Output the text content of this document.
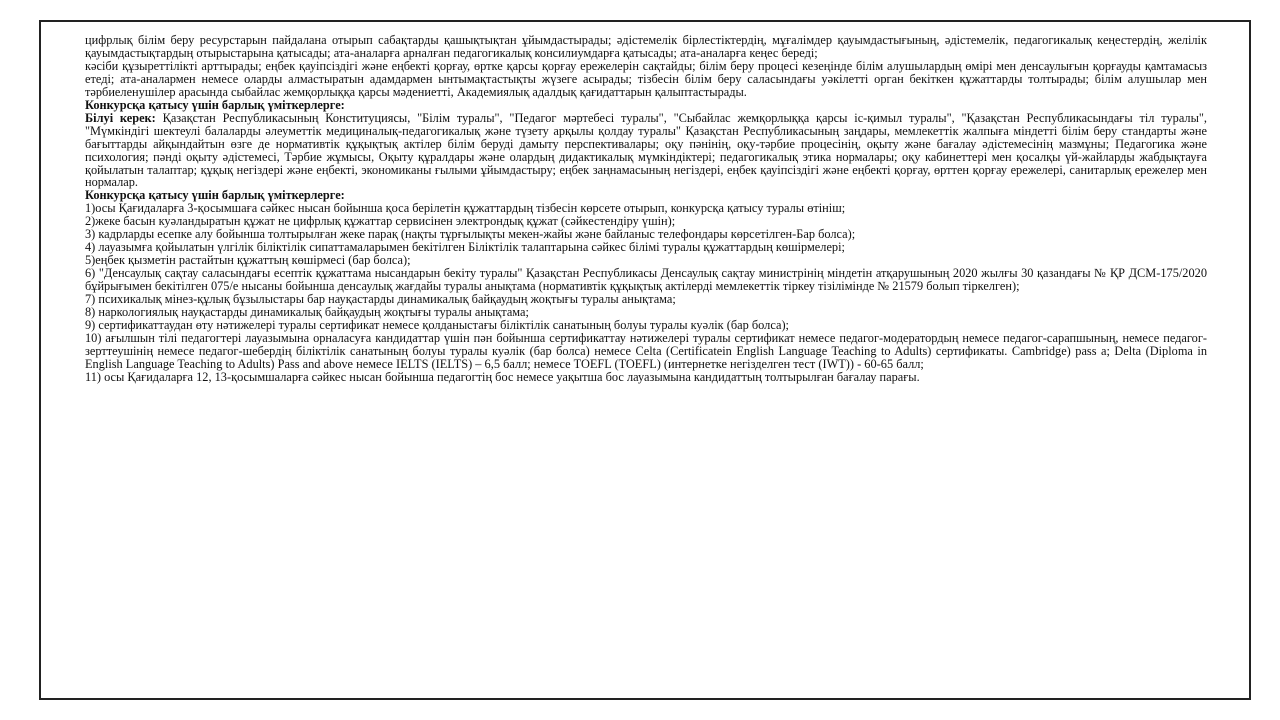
цифрлық білім беру ресурстарын пайдалана отырып сабақтарды қашықтықтан ұйымдастырады; әдістемелік бірлестіктердің, мұғалімдер қауымдастығының, әдістемелік, педагогикалық кеңестердің, желілік қауымдастықтардың отырыстарына қатысады; ата-аналарға арналған педагогикалық консилиумдарға қатысады; ата-аналарға кеңес береді;

кәсіби құзыреттілікті арттырады; еңбек қауіпсіздігі және еңбекті қорғау, өртке қарсы қорғау ережелерін сақтайды; білім беру процесі кезеңінде білім алушылардың өмірі мен денсаулығын қорғауды қамтамасыз етеді; ата-аналармен немесе оларды алмастыратын адамдармен ынтымақтастықты жүзеге асырады; тізбесін білім беру саласындағы уәкілетті орган бекіткен құжаттарды толтырады; білім алушылар мен тәрбиеленушілер арасында сыбайлас жемқорлыққа қарсы мәдениетті, Академиялық адалдық қағидаттарын қалыптастырады.

Конкурсқа қатысу үшін барлық үміткерлерге:

Білуі керек: Қазақстан Республикасының Конституциясы, "Білім туралы", "Педагог мәртебесі туралы", "Сыбайлас жемқорлыққа қарсы іс-қимыл туралы", "Қазақстан Республикасындағы тіл туралы", "Мүмкіндігі шектеулі балаларды әлеуметтік медициналық-педагогикалық және түзету арқылы қолдау туралы" Қазақстан Республикасының заңдары, мемлекеттік жалпыға міндетті білім беру стандарты және бағыттарды айқындайтын өзге де нормативтік құқықтық актілер білім беруді дамыту перспективалары; оқу пәнінің, оқу-тәрбие процесінің, оқыту және бағалау әдістемесінің мазмұны; Педагогика және психология; пәнді оқыту әдістемесі, Тәрбие жұмысы, Оқыту құралдары және олардың дидактикалық мүмкіндіктері; педагогикалық этика нормалары; оқу кабинеттері мен қосалқы үй-жайларды жабдықтауға қойылатын талаптар; құқық негіздері және еңбекті, экономиканы ғылыми ұйымдастыру; еңбек заңнамасының негіздері, еңбек қауіпсіздігі және еңбекті қорғау, өрттен қорғау ережелері, санитарлық ережелер мен нормалар.

Конкурсқа қатысу үшін барлық үміткерлерге:

1)осы Қағидаларға 3-қосымшаға сәйкес нысан бойынша қоса берілетін құжаттардың тізбесін көрсете отырып, конкурсқа қатысу туралы өтініш;

2)жеке басын куәландыратын құжат не цифрлық құжаттар сервисінен электрондық құжат (сәйкестендіру үшін);

3) кадрларды есепке алу бойынша толтырылған жеке парақ (нақты тұрғылықты мекен-жайы және байланыс телефондары көрсетілген-Бар болса);

4) лауазымға қойылатын үлгілік біліктілік сипаттамаларымен бекітілген Біліктілік талаптарына сәйкес білімі туралы құжаттардың көшірмелері;

5)еңбек қызметін растайтын құжаттың көшірмесі (бар болса);

6) "Денсаулық сақтау саласындағы есептік құжаттама нысандарын бекіту туралы" Қазақстан Республикасы Денсаулық сақтау министрінің міндетін атқарушының 2020 жылғы 30 қазандағы № ҚР ДСМ-175/2020 бұйрығымен бекітілген 075/е нысаны бойынша денсаулық жағдайы туралы анықтама (нормативтік құқықтық актілерді мемлекеттік тіркеу тізілімінде № 21579 болып тіркелген);

7) психикалық мінез-құлық бұзылыстары бар науқастарды динамикалық байқаудың жоқтығы туралы анықтама;

8) наркологиялық науқастарды динамикалық байқаудың жоқтығы туралы анықтама;

9) сертификаттаудан өту нәтижелері туралы сертификат немесе қолданыстағы біліктілік санатының болуы туралы куәлік (бар болса);

10) ағылшын тілі педагогтері лауазымына орналасуға кандидаттар үшін пән бойынша сертификаттау нәтижелері туралы сертификат немесе педагог-модератордың немесе педагог-сарапшының, немесе педагог-зерттеушінің немесе педагог-шебердің біліктілік санатының болуы туралы куәлік (бар болса) немесе Celta (Certificatein English Language Teaching to Adults) сертификаты. Cambridge) pass a; Delta (Diploma in English Language Teaching to Adults) Pass and above немесе IELTS (IELTS) – 6,5 балл; немесе TOEFL (TOEFL) (интернетке негізделген тест (IWT)) - 60-65 балл;

11) осы Қағидаларға 12, 13-қосымшаларға сәйкес нысан бойынша педагогтің бос немесе уақытша бос лауазымына кандидаттың толтырылған бағалау парағы.
